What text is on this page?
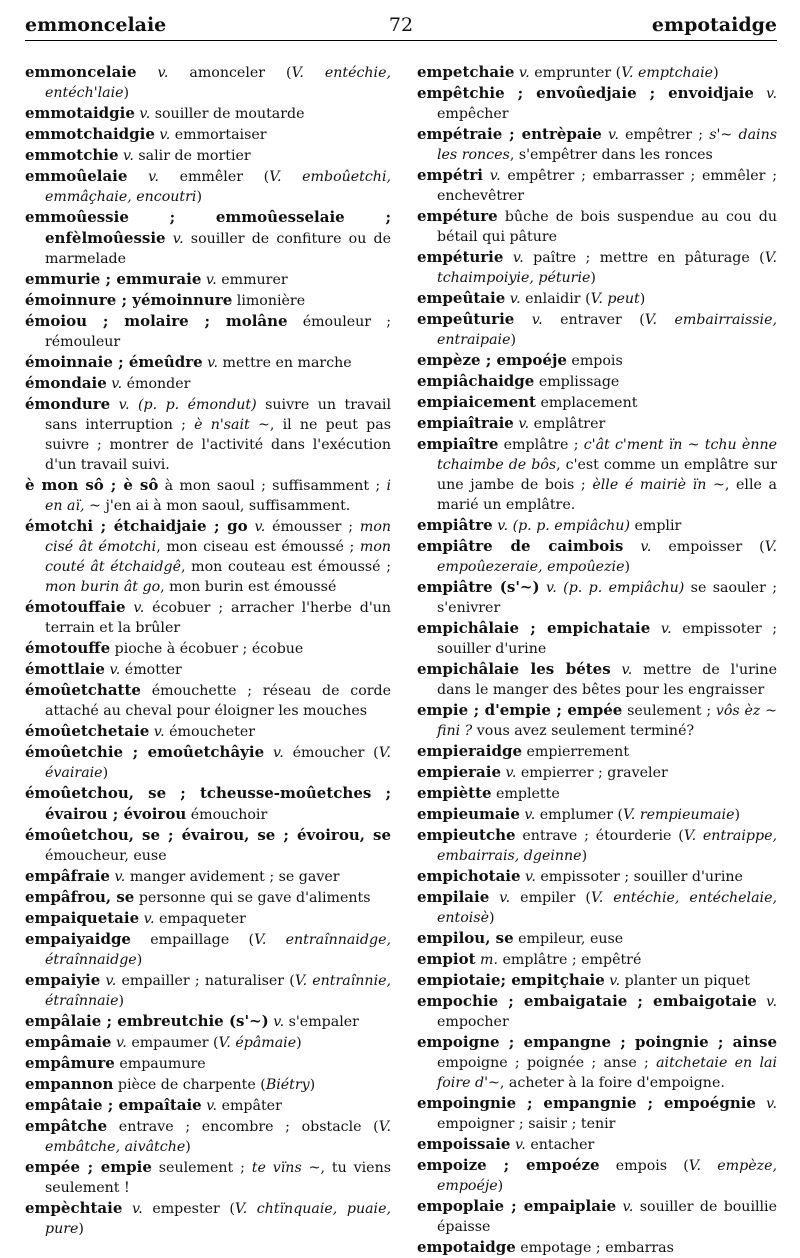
emmoncelaie	72	empotaidge

emmoncelaie v. amonceler (V. entéchie, entéch'laie)

emmotaidgie v. souiller de moutarde

emmotchaidgie v. emmortaiser

emmotchie v. salir de mortier

emmoûelaie v. emmêler (V. emboûetchi, emmâçhaie, encoutri)

emmoûessie ; emmoûesselaie ; enfèlmoûessie v. souiller de confiture ou de marmelade

emmurie ; emmuraie v. emmurer

émoinnure ; yémoinnure limonière

émoiou ; molaire ; molâne émouleur ; rémouleur

émoinnaie ; émeûdre v. mettre en marche

émondaie v. émonder

émondure v. (p. p. émondut) suivre un travail sans interruption ; è n'sait ~, il ne peut pas suivre ; montrer de l'activité dans l'exécution d'un travail suivi.

è mon sô ; è sô à mon saoul ; suffisamment ; i en aï, ~ j'en ai à mon saoul, suffisamment.

émotchi ; étchaidjaie ; go v. émousser ; mon cisé ât émotchi, mon ciseau est émoussé ; mon couté ât étchaidgê, mon couteau est émoussé ; mon burin ât go, mon burin est émoussé

émotouffaie v. écobuer ; arracher l'herbe d'un terrain et la brûler

émotouffe pioche à écobuer ; écobue

émottlaie v. émotter

émoûetchatte émouchette ; réseau de corde attaché au cheval pour éloigner les mouches

émoûetchetaie v. émoucheter

émoûetchie ; emoûetchâyie v. émoucher (V. évairaie)

émoûetchou, se ; tcheusse-moûetches ; évairou ; évoirou émouchoir

émoûetchou, se ; évairou, se ; évoirou, se émoucheur, euse

empâfraie v. manger avidement ; se gaver

empâfrou, se personne qui se gave d'aliments

empaiquetaie v. empaqueter

empaiyaidge empaillage (V. entraînnaidge, étraînnaidge)

empaiyie v. empailler ; naturaliser (V. entraînnie, étraînnaie)

empâlaie ; embreutchie (s'~) v. s'empaler

empâmaie v. empaumer (V. épâmaie)

empâmure empaumure

empannon pièce de charpente (Biétry)

empâtaie ; empaîtaie v. empâter

empâtche entrave ; encombre ; obstacle (V. embâtche, aivâtche)

empée ; empie seulement ; te vïns ~, tu viens seulement !

empèchtaie v. empester (V. chtïnquaie, puaie, pure)

empetchaie v. emprunter (V. emptchaie)

empêtchie ; envoûedjaie ; envoidjaie v. empêcher

empétraie ; entrèpaie v. empêtrer ; s'~ dains les ronces, s'empêtrer dans les ronces

empétri v. empêtrer ; embarrasser ; emmêler ; enchevêtrer

empéture bûche de bois suspendue au cou du bétail qui pâture

empéturie v. paître ; mettre en pâturage (V. tchaimpoiyie, péturie)

empeûtaie v. enlaidir (V. peut)

empeûturie v. entraver (V. embairraissie, entraipaie)

empèze ; empoéje empois

empiâchaidge emplissage

empiaicement emplacement

empiaîtraie v. emplâtrer

empiaître emplâtre ; c'ât c'ment ïn ~ tchu ènne tchaimbe de bôs, c'est comme un emplâtre sur une jambe de bois ; èlle é mairiè ïn ~, elle a marié un emplâtre.

empiâtre v. (p. p. empiâchu) emplir

empiâtre de caimbois v. empoisser (V. empoûezeraie, empoûezie)

empiâtre (s'~) v. (p. p. empiâchu) se saouler ; s'enivrer

empichâlaie ; empichataie v. empissoter ; souiller d'urine

empichâlaie les bétes v. mettre de l'urine dans le manger des bêtes pour les engraisser

empie ; d'empie ; empée seulement ; vôs èz ~ fini ? vous avez seulement terminé?

empieraidge empierrement

empieraie v. empierrer ; graveler

empiètte emplette

empieumaie v. emplumer (V. rempieumaie)

empieutche entrave ; étourderie (V. entraippe, embairrais, dgeinne)

empichotaie v. empissoter ; souiller d'urine

empilaie v. empiler (V. entéchie, entéchelaie, entoisè)

empilou, se empileur, euse

empiot m. emplâtre ; empêtré

empiotaie; empitçhaie v. planter un piquet

empochie ; embaigataie ; embaigotaie v. empocher

empoigne ; empangne ; poingnie ; ainse empoigne ; poignée ; anse ; aitchetaie en lai foire d'~, acheter à la foire d'empoigne.

empoingnie ; empangnie ; empoégnie v. empoigner ; saisir ; tenir

empoissaie v. entacher

empoize ; empoéze empois (V. empèze, empoéje)

empoplaie ; empaiplaie v. souiller de bouillie épaisse

empotaidge empotage ; embarras
